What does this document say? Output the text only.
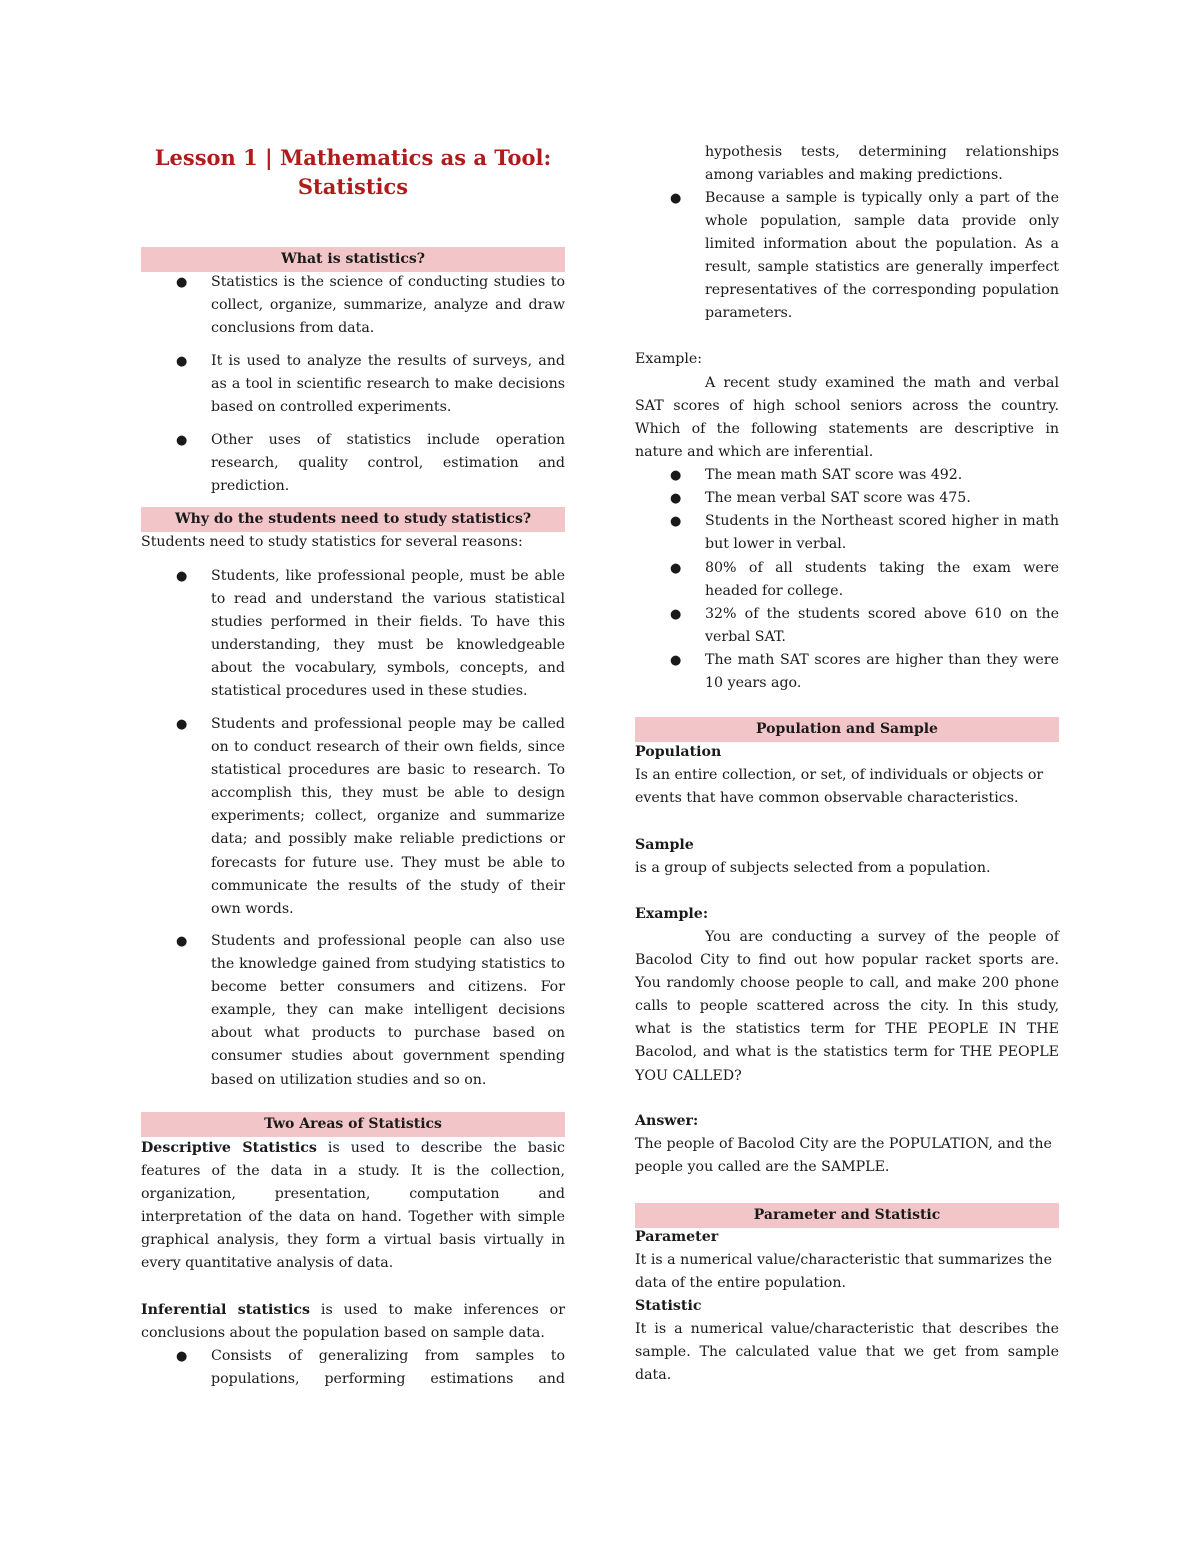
Lesson 1 | Mathematics as a Tool:
Statistics
What is statistics?
● Statistics is the science of conducting studies to collect, organize, summarize, analyze and draw conclusions from data.
● It is used to analyze the results of surveys, and as a tool in scientific research to make decisions based on controlled experiments.
● Other uses of statistics include operation research, quality control, estimation and prediction.
Why do the students need to study statistics?
Students need to study statistics for several reasons:
● Students, like professional people, must be able to read and understand the various statistical studies performed in their fields. To have this understanding, they must be knowledgeable about the vocabulary, symbols, concepts, and statistical procedures used in these studies.
● Students and professional people may be called on to conduct research of their own fields, since statistical procedures are basic to research. To accomplish this, they must be able to design experiments; collect, organize and summarize data; and possibly make reliable predictions or forecasts for future use. They must be able to communicate the results of the study of their own words.
● Students and professional people can also use the knowledge gained from studying statistics to become better consumers and citizens. For example, they can make intelligent decisions about what products to purchase based on consumer studies about government spending based on utilization studies and so on.
Two Areas of Statistics
Descriptive Statistics is used to describe the basic features of the data in a study. It is the collection, organization, presentation, computation and interpretation of the data on hand. Together with simple graphical analysis, they form a virtual basis virtually in every quantitative analysis of data.
Inferential statistics is used to make inferences or conclusions about the population based on sample data.
● Consists of generalizing from samples to populations, performing estimations and
hypothesis tests, determining relationships among variables and making predictions.
● Because a sample is typically only a part of the whole population, sample data provide only limited information about the population. As a result, sample statistics are generally imperfect representatives of the corresponding population parameters.
Example:
A recent study examined the math and verbal SAT scores of high school seniors across the country. Which of the following statements are descriptive in nature and which are inferential.
● The mean math SAT score was 492.
● The mean verbal SAT score was 475.
● Students in the Northeast scored higher in math but lower in verbal.
● 80% of all students taking the exam were headed for college.
● 32% of the students scored above 610 on the verbal SAT.
● The math SAT scores are higher than they were 10 years ago.
Population and Sample
Population
Is an entire collection, or set, of individuals or objects or events that have common observable characteristics.
Sample
is a group of subjects selected from a population.
Example:
You are conducting a survey of the people of Bacolod City to find out how popular racket sports are. You randomly choose people to call, and make 200 phone calls to people scattered across the city. In this study, what is the statistics term for THE PEOPLE IN THE Bacolod, and what is the statistics term for THE PEOPLE YOU CALLED?
Answer:
The people of Bacolod City are the POPULATION, and the people you called are the SAMPLE.
Parameter and Statistic
Parameter
It is a numerical value/characteristic that summarizes the data of the entire population.
Statistic
It is a numerical value/characteristic that describes the sample. The calculated value that we get from sample data.
